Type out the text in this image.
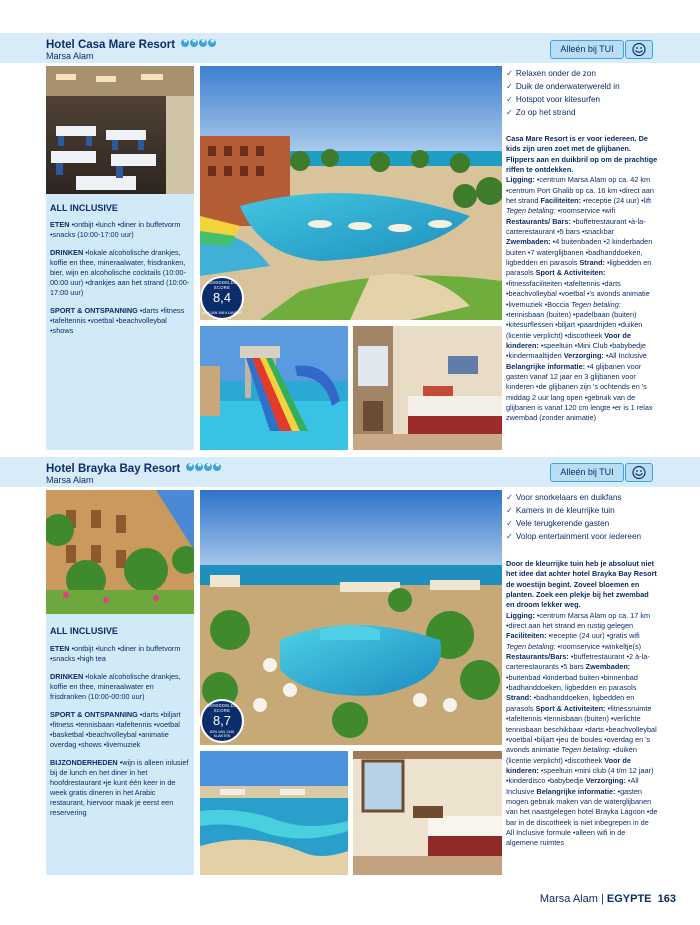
Hotel Casa Mare Resort ★★★★
Marsa Alam
Alleén bij TUI
GEMIDDELDE SCORE
8,4
80% VAN 396 KLANTEN
ALL INCLUSIVE

ETEN •ontbijt •lunch •diner in buffetvorm •snacks (10:00-17:00 uur)

DRINKEN •lokale alcoholische drankjes, koffie en thee, mineraalwater, frisdranken, bier, wijn en alcoholische cocktails (10:00-00:00 uur) •drankjes aan het strand (10:00-17:00 uur)

SPORT & ONTSPANNING •darts •fitness •tafeltennis •voetbal •beachvolleybal •shows

✓ Relaxen onder de zon
✓ Duik de onderwaterwereld in
✓ Hotspot voor kitesurfen
✓ Zo op het strand

Casa Mare Resort is er voor iedereen. De kids zijn uren zoet met de glijbanen. Flippers aan en duikbril op om de prachtige riffen te ontdekken.

Ligging: •centrum Marsa Alam op ca. 42 km •centrum Port Ghalib op ca. 16 km •direct aan het strand Faciliteiten: •receptie (24 uur) •lift Tegen betaling: •roomservice •wifi Restaurants/ Bars: •buffetrestaurant •à-la-carterestaurant •5 bars •snackbar Zwembaden: •4 buitenbaden •2 kinderbaden buiten •7 waterglijbanen •badhanddoeken, ligbedden en parasols Strand: •ligbedden en parasols Sport & Activiteiten: •fitnessfaciliteiten •tafeltennis •darts •beachvolleybal •voetbal •'s avonds animatie •livemuziek •Boccia Tegen betaling: •tennisbaan (buiten) •padelbaan (buiten) •kitesurflessen •biljart •paardrijden •duiken (licentie verplicht) •discotheek Voor de kinderen: •speeltuin •Mini Club •babybedje •kindermaaltijden Verzorging: •All Inclusive Belangrijke informatie: •4 glijbanen voor gasten vanaf 12 jaar en 3 glijbanen voor kinderen •de glijbanen zijn 's ochtends en 's middag 2 uur lang open •gebruik van de glijbanen is vanaf 120 cm lengte •er is 1 relax zwembad (zonder animatie)

Hotel Brayka Bay Resort ★★★★
Marsa Alam
Alleén bij TUI
GEMIDDELDE SCORE
8,7
83% VAN 1345 KLANTEN
ALL INCLUSIVE

ETEN •ontbijt •lunch •diner in buffetvorm •snacks •high tea

DRINKEN •lokale alcoholische drankjes, koffie en thee, mineraalwater en frisdranken (10:00-00:00 uur)

SPORT & ONTSPANNING •darts •biljart •fitness •tennisbaan •tafeltennis •voetbal •basketbal •beachvolleybal •animatie overdag •shows •livemuziek

BIJZONDERHEDEN •wijn is alleen inlusief bij de lunch en het diner in het hoofdrestaurant •je kunt één keer in de week gratis dineren in het Arabic restaurant, hiervoor maak je eerst een reservering

✓ Voor snorkelaars en duikfans
✓ Kamers in de kleurrijke tuin
✓ Vele terugkerende gasten
✓ Volop entertainment voor iedereen

Door de kleurrijke tuin heb je absoluut niet het idee dat achter hotel Brayka Bay Resort de woestijn begint. Zoveel bloemen en planten. Zoek een plekje bij het zwembad en droom lekker weg.

Ligging: •centrum Marsa Alam op ca. 17 km •direct aan het strand en rustig gelegen Faciliteiten: •receptie (24 uur) •gratis wifi Tegen betaling: •roomservice •winkeltje(s) Restaurants/Bars: •buffetrestaurant •2 à-la-carterestaurants •5 bars Zwembaden: •buitenbad •kinderbad buiten •binnenbad •badhanddoeken, ligbedden en parasols Strand: •badhanddoeken, ligbedden en parasols Sport & Activiteiten: •fitnessruimte •tafeltennis •tennisbaan (buiten) •verlichte tennisbaan beschikbaar •darts •beachvolleybal •voetbal •biljart •jeu de boules •overdag en 's avonds animatie Tegen betaling: •duiken (licentie verplicht) •discotheek Voor de kinderen: •speeltuin •mini club (4 t/m 12 jaar) •kinderdisco •babybedje Verzorging: •All Inclusive Belangrijke informatie: •gasten mogen gebruik maken van de waterglijbanen van het naastgelegen hotel Brayka Lagoon •de bar in de discotheek is niet inbegrepen in de All Inclusive formule •alleen wifi in de algemene ruimtes

Marsa Alam | EGYPTE 163
